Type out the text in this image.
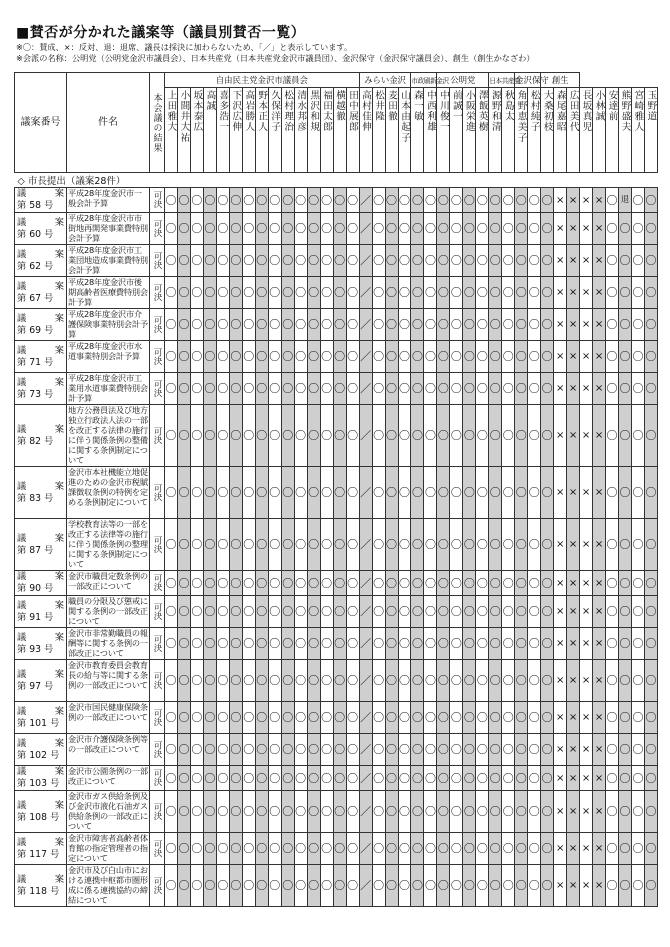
■賛否が分かれた議案等（議員別賛否一覧）
※〇：賛成、×：反対、退：退席、議長は採決に加わらないため、「／」と表示しています。
※会派の名称：公明党（公明党金沢市議員会）、日本共産党（日本共産党金沢市議員団）、金沢保守（金沢保守議員会）、創生（創生かなざわ）
議案番号	件名	本会議の結果	自由民主党金沢市議員会															みらい金沢				市政刷新金沢		公明党				日本共産党		金沢保守		創生								

			上田雅大	小間井大祐	坂本泰広	高誠	喜多浩一	下沢広伸	高岩勝人	野本正人	久保洋子	松村理治	清水邦彦	黒沢和規	福田太郎	横越徹	田中展郎	高村佳伸	松井隆	麦田徹	山本由起子	森一敏	中西利雄	中川俊一	前誠一	小阪栄進	澤飯英樹	源野和清	秋島太	角野恵美子	松村純子	大桑初枝	森尾嘉昭	広田美代	長坂真児	小林誠	安達前	熊野盛夫	宮崎雅人	玉野道

◇ 市長提出（議案28件）																																								

議 案
第 58 号	平成28年度金沢市一般会計予算	可決	〇	〇	〇	〇	〇	〇	〇	〇	〇	〇	〇	〇	〇	〇	〇	／	〇	〇	〇	〇	〇	〇	〇	〇	〇	〇	〇	〇	〇	〇	×	×	×	×	〇	退	〇	〇

議 案
第 60 号	平成28年度金沢市市街地再開発事業費特別会計予算	可決	〇	〇	〇	〇	〇	〇	〇	〇	〇	〇	〇	〇	〇	〇	〇	／	〇	〇	〇	〇	〇	〇	〇	〇	〇	〇	〇	〇	〇	〇	×	×	×	×	〇	〇	〇	〇

議 案
第 62 号	平成28年度金沢市工業団地造成事業費特別会計予算	可決	〇	〇	〇	〇	〇	〇	〇	〇	〇	〇	〇	〇	〇	〇	〇	／	〇	〇	〇	〇	〇	〇	〇	〇	〇	〇	〇	〇	〇	〇	×	×	×	×	〇	〇	〇	〇

議 案
第 67 号	平成28年度金沢市後期高齢者医療費特別会計予算	可決	〇	〇	〇	〇	〇	〇	〇	〇	〇	〇	〇	〇	〇	〇	〇	／	〇	〇	〇	〇	〇	〇	〇	〇	〇	〇	〇	〇	〇	〇	×	×	×	×	〇	〇	〇	〇

議 案
第 69 号	平成28年度金沢市介護保険事業特別会計予算	可決	〇	〇	〇	〇	〇	〇	〇	〇	〇	〇	〇	〇	〇	〇	〇	／	〇	〇	〇	〇	〇	〇	〇	〇	〇	〇	〇	〇	〇	〇	×	×	×	×	〇	〇	〇	〇

議 案
第 71 号	平成28年度金沢市水道事業特別会計予算	可決	〇	〇	〇	〇	〇	〇	〇	〇	〇	〇	〇	〇	〇	〇	〇	／	〇	〇	〇	〇	〇	〇	〇	〇	〇	〇	〇	〇	〇	〇	×	×	×	×	〇	〇	〇	〇

議 案
第 73 号	平成28年度金沢市工業用水道事業費特別会計予算	可決	〇	〇	〇	〇	〇	〇	〇	〇	〇	〇	〇	〇	〇	〇	〇	／	〇	〇	〇	〇	〇	〇	〇	〇	〇	〇	〇	〇	〇	〇	×	×	×	×	〇	〇	〇	〇

議 案
第 82 号	地方公務員法及び地方独立行政法人法の一部を改正する法律の施行に伴う関係条例の整備に関する条例制定について	可決	〇	〇	〇	〇	〇	〇	〇	〇	〇	〇	〇	〇	〇	〇	〇	／	〇	〇	〇	〇	〇	〇	〇	〇	〇	〇	〇	〇	〇	〇	×	×	×	×	〇	〇	〇	〇

議 案
第 83 号	金沢市本社機能立地促進のための金沢市税賦課徴収条例の特例を定める条例制定について	可決	〇	〇	〇	〇	〇	〇	〇	〇	〇	〇	〇	〇	〇	〇	〇	／	〇	〇	〇	〇	〇	〇	〇	〇	〇	〇	〇	〇	〇	〇	×	×	×	×	〇	〇	〇	〇

議 案
第 87 号	学校教育法等の一部を改正する法律等の施行に伴う関係条例の整理に関する条例制定について	可決	〇	〇	〇	〇	〇	〇	〇	〇	〇	〇	〇	〇	〇	〇	〇	／	〇	〇	〇	〇	〇	〇	〇	〇	〇	〇	〇	〇	〇	〇	×	×	×	×	〇	〇	〇	〇

議 案
第 90 号	金沢市職員定数条例の一部改正について	可決	〇	〇	〇	〇	〇	〇	〇	〇	〇	〇	〇	〇	〇	〇	〇	／	〇	〇	〇	〇	〇	〇	〇	〇	〇	〇	〇	〇	〇	〇	×	×	×	×	〇	〇	〇	〇

議 案
第 91 号	職員の分限及び懲戒に関する条例の一部改正について	可決	〇	〇	〇	〇	〇	〇	〇	〇	〇	〇	〇	〇	〇	〇	〇	／	〇	〇	〇	〇	〇	〇	〇	〇	〇	〇	〇	〇	〇	〇	×	×	×	×	〇	〇	〇	〇

議 案
第 93 号	金沢市非常勤職員の報酬等に関する条例の一部改正について	可決	〇	〇	〇	〇	〇	〇	〇	〇	〇	〇	〇	〇	〇	〇	〇	／	〇	〇	〇	〇	〇	〇	〇	〇	〇	〇	〇	〇	〇	〇	×	×	×	×	〇	〇	〇	〇

議 案
第 97 号	金沢市教育委員会教育長の給与等に関する条例の一部改正について	可決	〇	〇	〇	〇	〇	〇	〇	〇	〇	〇	〇	〇	〇	〇	〇	／	〇	〇	〇	〇	〇	〇	〇	〇	〇	〇	〇	〇	〇	〇	×	×	×	×	〇	〇	〇	〇

議 案
第 101 号	金沢市国民健康保険条例の一部改正について	可決	〇	〇	〇	〇	〇	〇	〇	〇	〇	〇	〇	〇	〇	〇	〇	／	〇	〇	〇	〇	〇	〇	〇	〇	〇	〇	〇	〇	〇	〇	×	×	×	×	〇	〇	〇	〇

議 案
第 102 号	金沢市介護保険条例等の一部改正について	可決	〇	〇	〇	〇	〇	〇	〇	〇	〇	〇	〇	〇	〇	〇	〇	／	〇	〇	〇	〇	〇	〇	〇	〇	〇	〇	〇	〇	〇	〇	×	×	×	×	〇	〇	〇	〇

議 案
第 103 号	金沢市公園条例の一部改正について	可決	〇	〇	〇	〇	〇	〇	〇	〇	〇	〇	〇	〇	〇	〇	〇	／	〇	〇	〇	〇	〇	〇	〇	〇	〇	〇	〇	〇	〇	〇	×	×	×	×	〇	〇	〇	〇

議 案
第 108 号	金沢市ガス供給条例及び金沢市液化石油ガス供給条例の一部改正について	可決	〇	〇	〇	〇	〇	〇	〇	〇	〇	〇	〇	〇	〇	〇	〇	／	〇	〇	〇	〇	〇	〇	〇	〇	〇	〇	〇	〇	〇	〇	×	×	×	×	〇	〇	〇	〇

議 案
第 117 号	金沢市障害者高齢者体育館の指定管理者の指定について	可決	〇	〇	〇	〇	〇	〇	〇	〇	〇	〇	〇	〇	〇	〇	〇	／	〇	〇	〇	〇	〇	〇	〇	〇	〇	〇	〇	〇	〇	〇	×	×	×	×	〇	〇	〇	〇

議 案
第 118 号	金沢市及び白山市における連携中枢都市圏形成に係る連携協約の締結について	可決	〇	〇	〇	〇	〇	〇	〇	〇	〇	〇	〇	〇	〇	〇	〇	／	〇	〇	〇	〇	〇	〇	〇	〇	〇	〇	〇	〇	〇	〇	×	×	×	×	〇	〇	〇	〇
